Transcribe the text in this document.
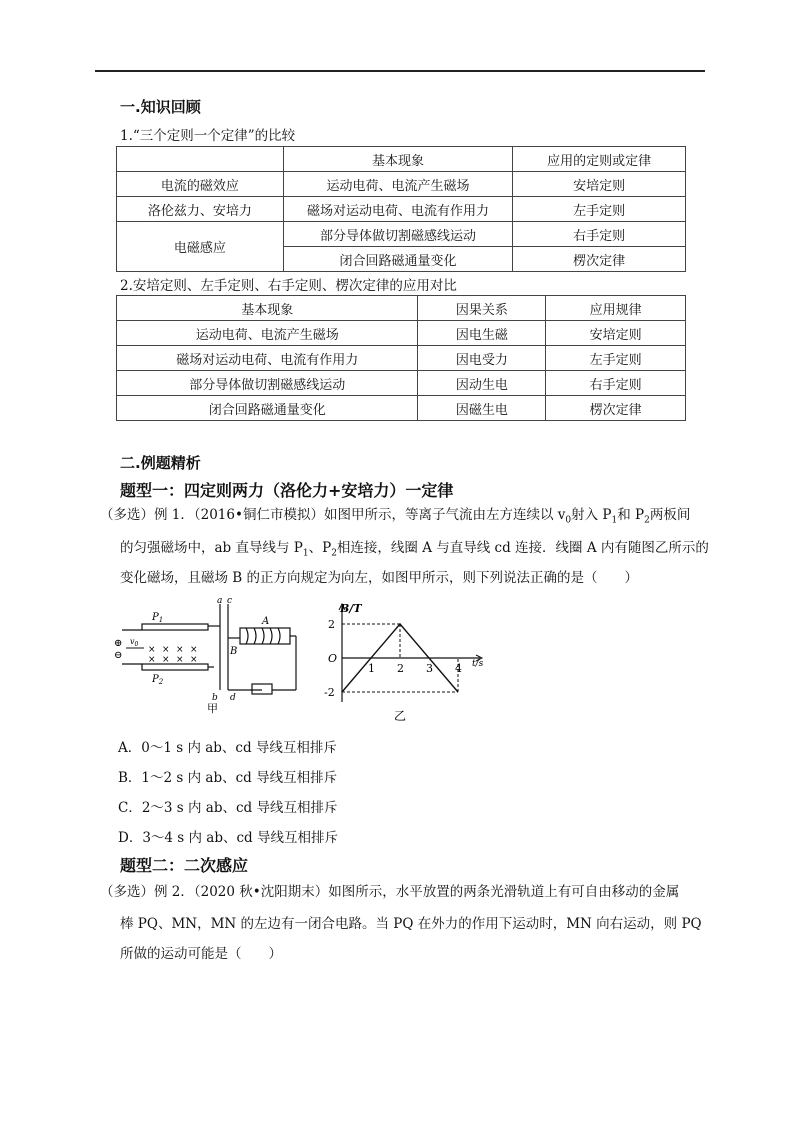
一.知识回顾
1.“三个定则一个定律”的比较
	基本现象	应用的定则或定律
电流的磁效应	运动电荷、电流产生磁场	安培定则
洛伦兹力、安培力	磁场对运动电荷、电流有作用力	左手定则
电磁感应	部分导体做切割磁感线运动	右手定则
	闭合回路磁通量变化	楞次定律
2.安培定则、左手定则、右手定则、楞次定律的应用对比
基本现象	因果关系	应用规律
运动电荷、电流产生磁场	因电生磁	安培定则
磁场对运动电荷、电流有作用力	因电受力	左手定则
部分导体做切割磁感线运动	因动生电	右手定则
闭合回路磁通量变化	因磁生电	楞次定律
二.例题精析
题型一：四定则两力（洛伦力+安培力）一定律
（多选）例 1．（2016•铜仁市模拟）如图甲所示，等离子气流由左方连续以 $v_0$射入 $P_1$和 $P_2$两板间
的匀强磁场中，ab 直导线与 $P_1$、$P_2$相连接，线圈 A 与直导线 cd 连接．线圈 A 内有随图乙所示的
变化磁场，且磁场 B 的正方向规定为向左，如图甲所示，则下列说法正确的是（　　）
a c
b d
A
B
$P_1$
$P_2$
$v_0$
⊕
⊖	× × × ×
× × × ×
甲
B/T
t/s
2
-2
O
1 2 3 4
乙
A．0～1 s 内 ab、cd 导线互相排斥
B．1～2 s 内 ab、cd 导线互相排斥
C．2～3 s 内 ab、cd 导线互相排斥
D．3～4 s 内 ab、cd 导线互相排斥
题型二：二次感应
（多选）例 2．（2020 秋•沈阳期末）如图所示，水平放置的两条光滑轨道上有可自由移动的金属
棒 PQ、MN，MN 的左边有一闭合电路。当 PQ 在外力的作用下运动时，MN 向右运动，则 PQ
所做的运动可能是（　　）
